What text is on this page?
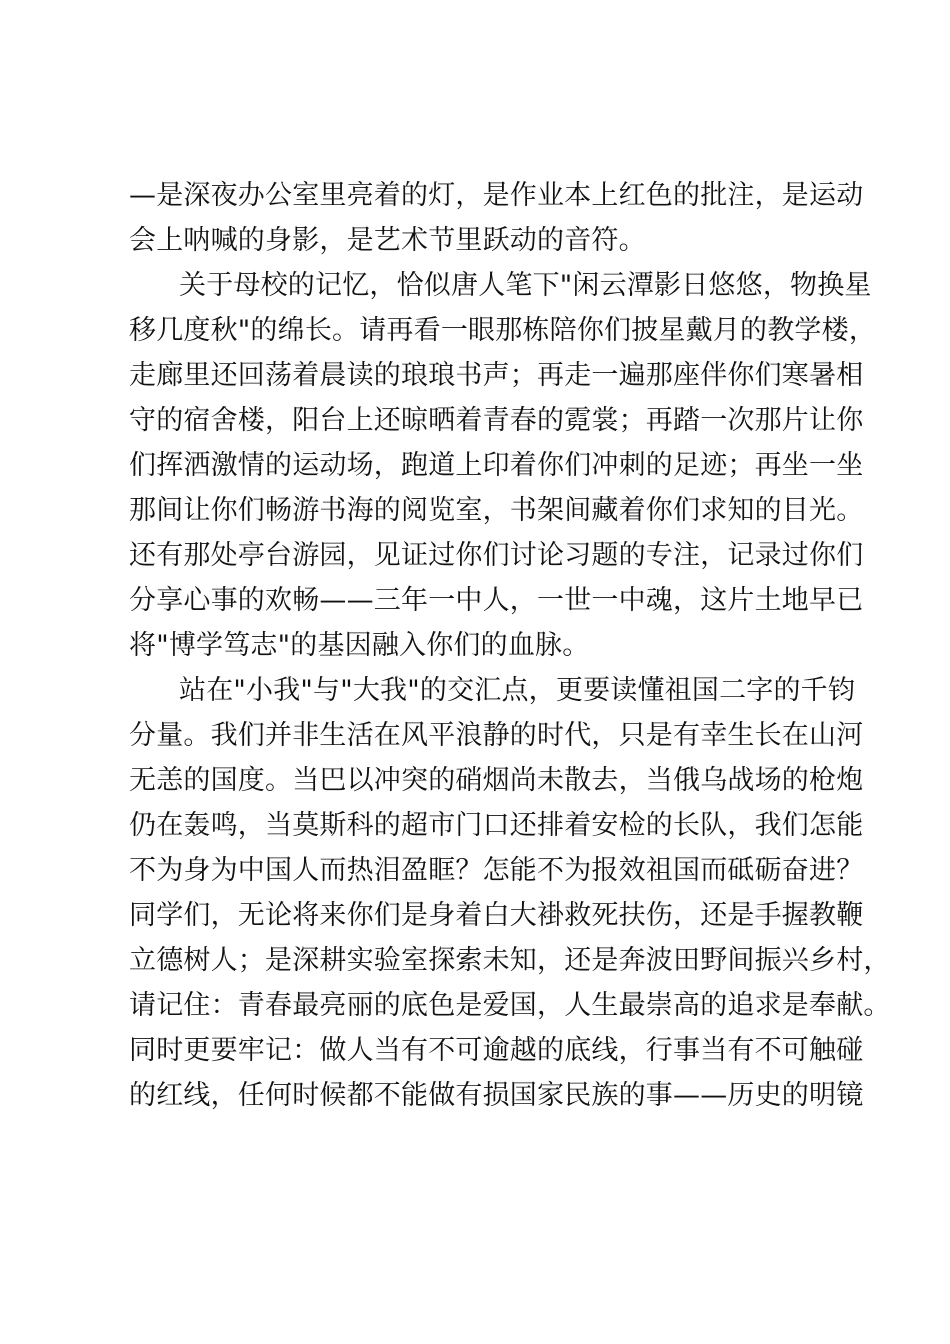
—是深夜办公室里亮着的灯，是作业本上红色的批注，是运动
会上呐喊的身影，是艺术节里跃动的音符。
关于母校的记忆，恰似唐人笔下"闲云潭影日悠悠，物换星
移几度秋"的绵长。请再看一眼那栋陪你们披星戴月的教学楼，
走廊里还回荡着晨读的琅琅书声；再走一遍那座伴你们寒暑相
守的宿舍楼，阳台上还晾晒着青春的霓裳；再踏一次那片让你
们挥洒激情的运动场，跑道上印着你们冲刺的足迹；再坐一坐
那间让你们畅游书海的阅览室，书架间藏着你们求知的目光。
还有那处亭台游园，见证过你们讨论习题的专注，记录过你们
分享心事的欢畅——三年一中人，一世一中魂，这片土地早已
将"博学笃志"的基因融入你们的血脉。
站在"小我"与"大我"的交汇点，更要读懂祖国二字的千钧
分量。我们并非生活在风平浪静的时代，只是有幸生长在山河
无恙的国度。当巴以冲突的硝烟尚未散去，当俄乌战场的枪炮
仍在轰鸣，当莫斯科的超市门口还排着安检的长队，我们怎能
不为身为中国人而热泪盈眶？怎能不为报效祖国而砥砺奋进？
同学们，无论将来你们是身着白大褂救死扶伤，还是手握教鞭
立德树人；是深耕实验室探索未知，还是奔波田野间振兴乡村，
请记住：青春最亮丽的底色是爱国，人生最崇高的追求是奉献。
同时更要牢记：做人当有不可逾越的底线，行事当有不可触碰
的红线，任何时候都不能做有损国家民族的事——历史的明镜
